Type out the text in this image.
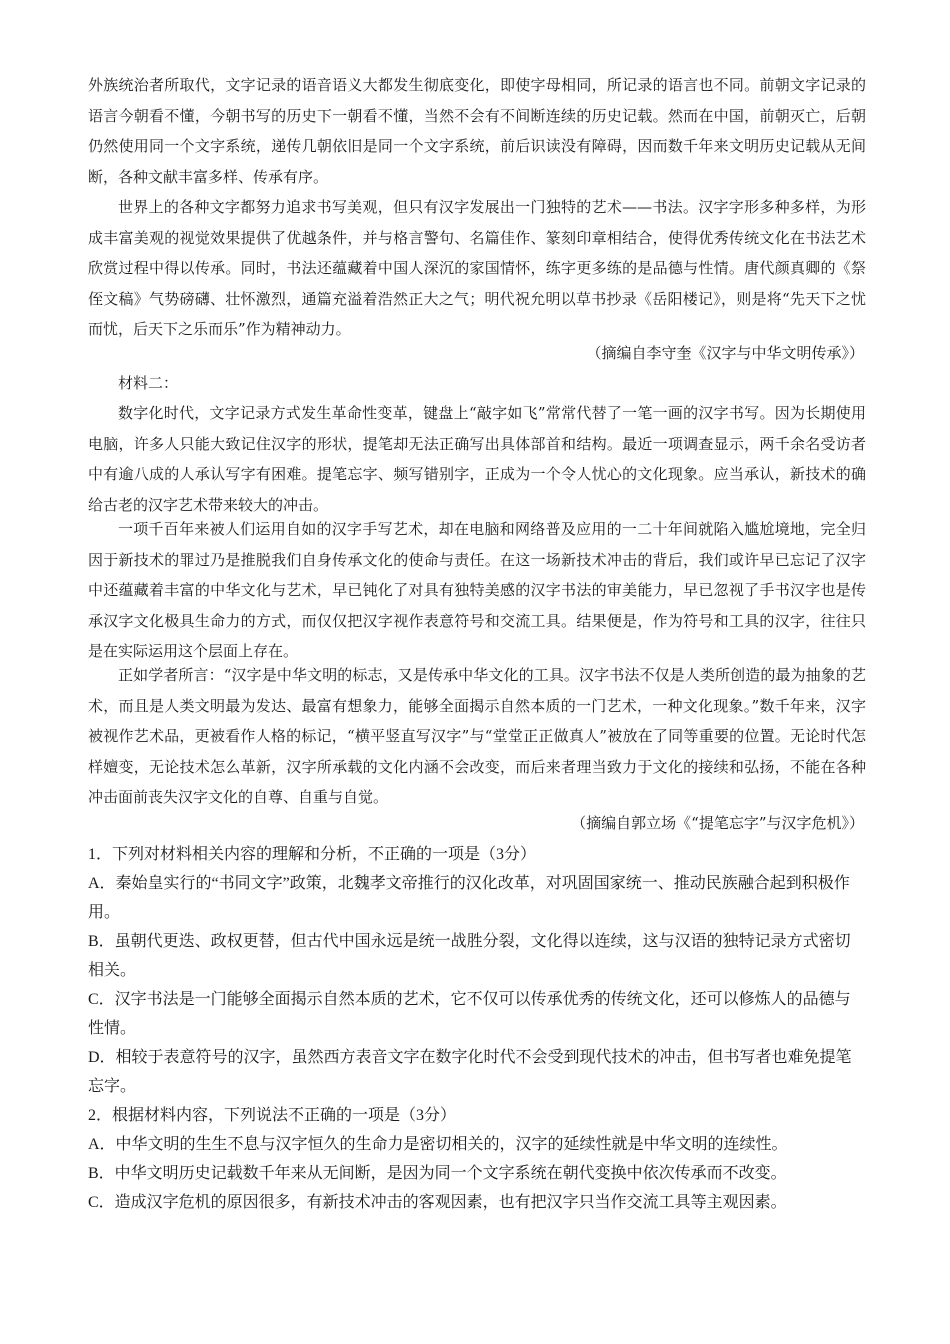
外族统治者所取代，文字记录的语音语义大都发生彻底变化，即使字母相同，所记录的语言也不同。前朝文字记录的语言今朝看不懂，今朝书写的历史下一朝看不懂，当然不会有不间断连续的历史记载。然而在中国，前朝灭亡，后朝仍然使用同一个文字系统，递传几朝依旧是同一个文字系统，前后识读没有障碍，因而数千年来文明历史记载从无间断，各种文献丰富多样、传承有序。

世界上的各种文字都努力追求书写美观，但只有汉字发展出一门独特的艺术——书法。汉字字形多种多样，为形成丰富美观的视觉效果提供了优越条件，并与格言警句、名篇佳作、篆刻印章相结合，使得优秀传统文化在书法艺术欣赏过程中得以传承。同时，书法还蕴藏着中国人深沉的家国情怀，练字更多练的是品德与性情。唐代颜真卿的《祭侄文稿》气势磅礴、壮怀激烈，通篇充溢着浩然正大之气；明代祝允明以草书抄录《岳阳楼记》，则是将“先天下之忧而忧，后天下之乐而乐”作为精神动力。

（摘编自李守奎《汉字与中华文明传承》）

材料二：

数字化时代，文字记录方式发生革命性变革，键盘上“敲字如飞”常常代替了一笔一画的汉字书写。因为长期使用电脑，许多人只能大致记住汉字的形状，提笔却无法正确写出具体部首和结构。最近一项调查显示，两千余名受访者中有逾八成的人承认写字有困难。提笔忘字、频写错别字，正成为一个令人忧心的文化现象。应当承认，新技术的确给古老的汉字艺术带来较大的冲击。

一项千百年来被人们运用自如的汉字手写艺术，却在电脑和网络普及应用的一二十年间就陷入尴尬境地，完全归因于新技术的罪过乃是推脱我们自身传承文化的使命与责任。在这一场新技术冲击的背后，我们或许早已忘记了汉字中还蕴藏着丰富的中华文化与艺术，早已钝化了对具有独特美感的汉字书法的审美能力，早已忽视了手书汉字也是传承汉字文化极具生命力的方式，而仅仅把汉字视作表意符号和交流工具。结果便是，作为符号和工具的汉字，往往只是在实际运用这个层面上存在。

正如学者所言：“汉字是中华文明的标志，又是传承中华文化的工具。汉字书法不仅是人类所创造的最为抽象的艺术，而且是人类文明最为发达、最富有想象力，能够全面揭示自然本质的一门艺术，一种文化现象。”数千年来，汉字被视作艺术品，更被看作人格的标记，“横平竖直写汉字”与“堂堂正正做真人”被放在了同等重要的位置。无论时代怎样嬗变，无论技术怎么革新，汉字所承载的文化内涵不会改变，而后来者理当致力于文化的接续和弘扬，不能在各种冲击面前丧失汉字文化的自尊、自重与自觉。

（摘编自郭立场《“提笔忘字”与汉字危机》）

1．下列对材料相关内容的理解和分析，不正确的一项是（3分）

A．秦始皇实行的“书同文字”政策，北魏孝文帝推行的汉化改革，对巩固国家统一、推动民族融合起到积极作用。

B．虽朝代更迭、政权更替，但古代中国永远是统一战胜分裂，文化得以连续，这与汉语的独特记录方式密切相关。

C．汉字书法是一门能够全面揭示自然本质的艺术，它不仅可以传承优秀的传统文化，还可以修炼人的品德与性情。

D．相较于表意符号的汉字，虽然西方表音文字在数字化时代不会受到现代技术的冲击，但书写者也难免提笔忘字。

2．根据材料内容，下列说法不正确的一项是（3分）

A．中华文明的生生不息与汉字恒久的生命力是密切相关的，汉字的延续性就是中华文明的连续性。

B．中华文明历史记载数千年来从无间断，是因为同一个文字系统在朝代变换中依次传承而不改变。

C．造成汉字危机的原因很多，有新技术冲击的客观因素，也有把汉字只当作交流工具等主观因素。
